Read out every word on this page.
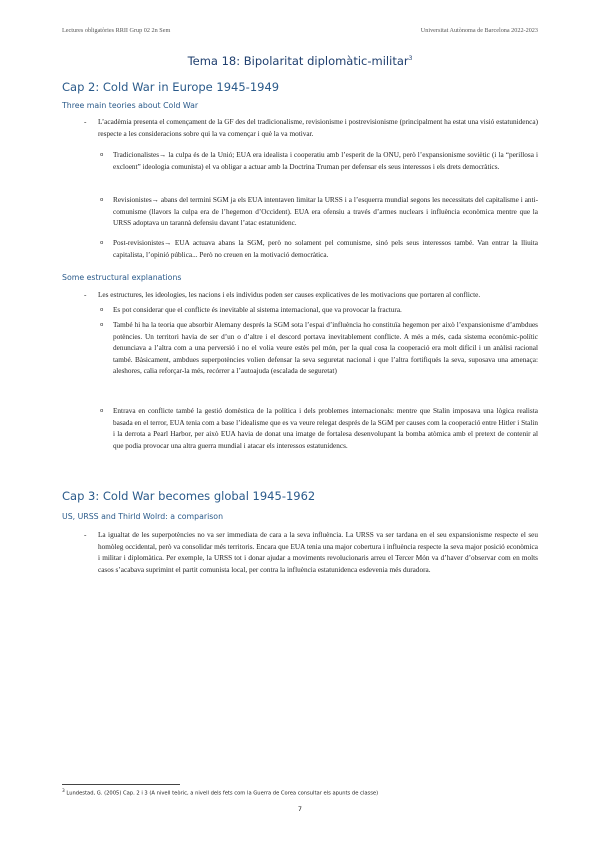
Lectures obligatòries RRII Grup 02 2n Sem	Universitat Autònoma de Barcelona 2022-2023
Tema 18: Bipolaritat diplomàtic-militar$^3$
Cap 2: Cold War in Europe 1945-1949
Three main teories about Cold War
- L’acadèmia presenta el començament de la GF des del tradicionalisme, revisionisme i postrevisionisme (principalment ha estat una visió estatunidenca) respecte a les consideracions sobre qui la va començar i què la va motivar.
o Tradicionalistes→ la culpa és de la Unió; EUA era idealista i cooperatiu amb l’esperit de la ONU, però l’expansionisme soviètic (i la “perillosa i excloent” ideologia comunista) el va obligar a actuar amb la Doctrina Truman per defensar els seus interessos i els drets democràtics.
o Revisionistes→ abans del termini SGM ja els EUA intentaven limitar la URSS i a l’esquerra mundial segons les necessitats del capitalisme i anti-comunisme (llavors la culpa era de l’hegemon d’Occident). EUA era ofensiu a través d’armes nuclears i influència econòmica mentre que la URSS adoptava un tarannà defensiu davant l’atac estatunidenc.
o Post-revisionistes→ EUA actuava abans la SGM, però no solament pel comunisme, sinó pels seus interessos també. Van entrar la lliuita capitalista, l’opinió pública... Però no creuen en la motivació democràtica.
Some estructural explanations
- Les estructures, les ideologies, les nacions i els individus poden ser causes explicatives de les motivacions que portaren al conflicte.
o Es pot considerar que el conflicte és inevitable al sistema internacional, que va provocar la fractura.
o També hi ha la teoria que absorbir Alemany després la SGM sota l’espai d’influència ho constituïa hegemon per això l’expansionisme d’ambdues potències. Un territori havia de ser d’un o d’altre i el descord portava inevitablement conflicte. A més a més, cada sistema econòmic-polític denunciava a l’altra com a una perversió i no el volia veure estès pel món, per la qual cosa la cooperació era molt difícil i un anàlisi racional també. Bàsicament, ambdues superpotències volien defensar la seva seguretat nacional i que l’altra fortifiqués la seva, suposava una amenaça: aleshores, calia reforçar-la més, recórrer a l’autoajuda (escalada de seguretat)
o Entrava en conflicte també la gestió domèstica de la política i dels problemes internacionals: mentre que Stalin imposava una lògica realista basada en el terror, EUA tenia com a base l’idealisme que es va veure relegat després de la SGM per causes com la cooperació entre Hitler i Stalin i la derrota a Pearl Harbor, per això EUA havia de donat una imatge de fortalesa desenvolupant la bomba atòmica amb el pretext de contenir al que podia provocar una altra guerra mundial i atacar els interessos estatunidencs.
Cap 3: Cold War becomes global 1945-1962
US, URSS and Thirld Wolrd: a comparison
- La igualtat de les superpotències no va ser immediata de cara a la seva influència. La URSS va ser tardana en el seu expansionisme respecte el seu homòleg occidental, però va consolidar més territoris. Encara que EUA tenia una major cobertura i influència respecte la seva major posició econòmica i militar i diplomàtica. Per exemple, la URSS tot i donar ajudar a moviments revolucionaris arreu el Tercer Món va d’haver d’observar com en molts casos s’acabava suprimint el partit comunista local, per contra la influència estatunidenca esdevenia més duradora.
$^3$ Lundestad, G. (2005) Cap. 2 i 3 (A nivell teòric, a nivell dels fets com la Guerra de Corea consultar els apunts de classe)
7
